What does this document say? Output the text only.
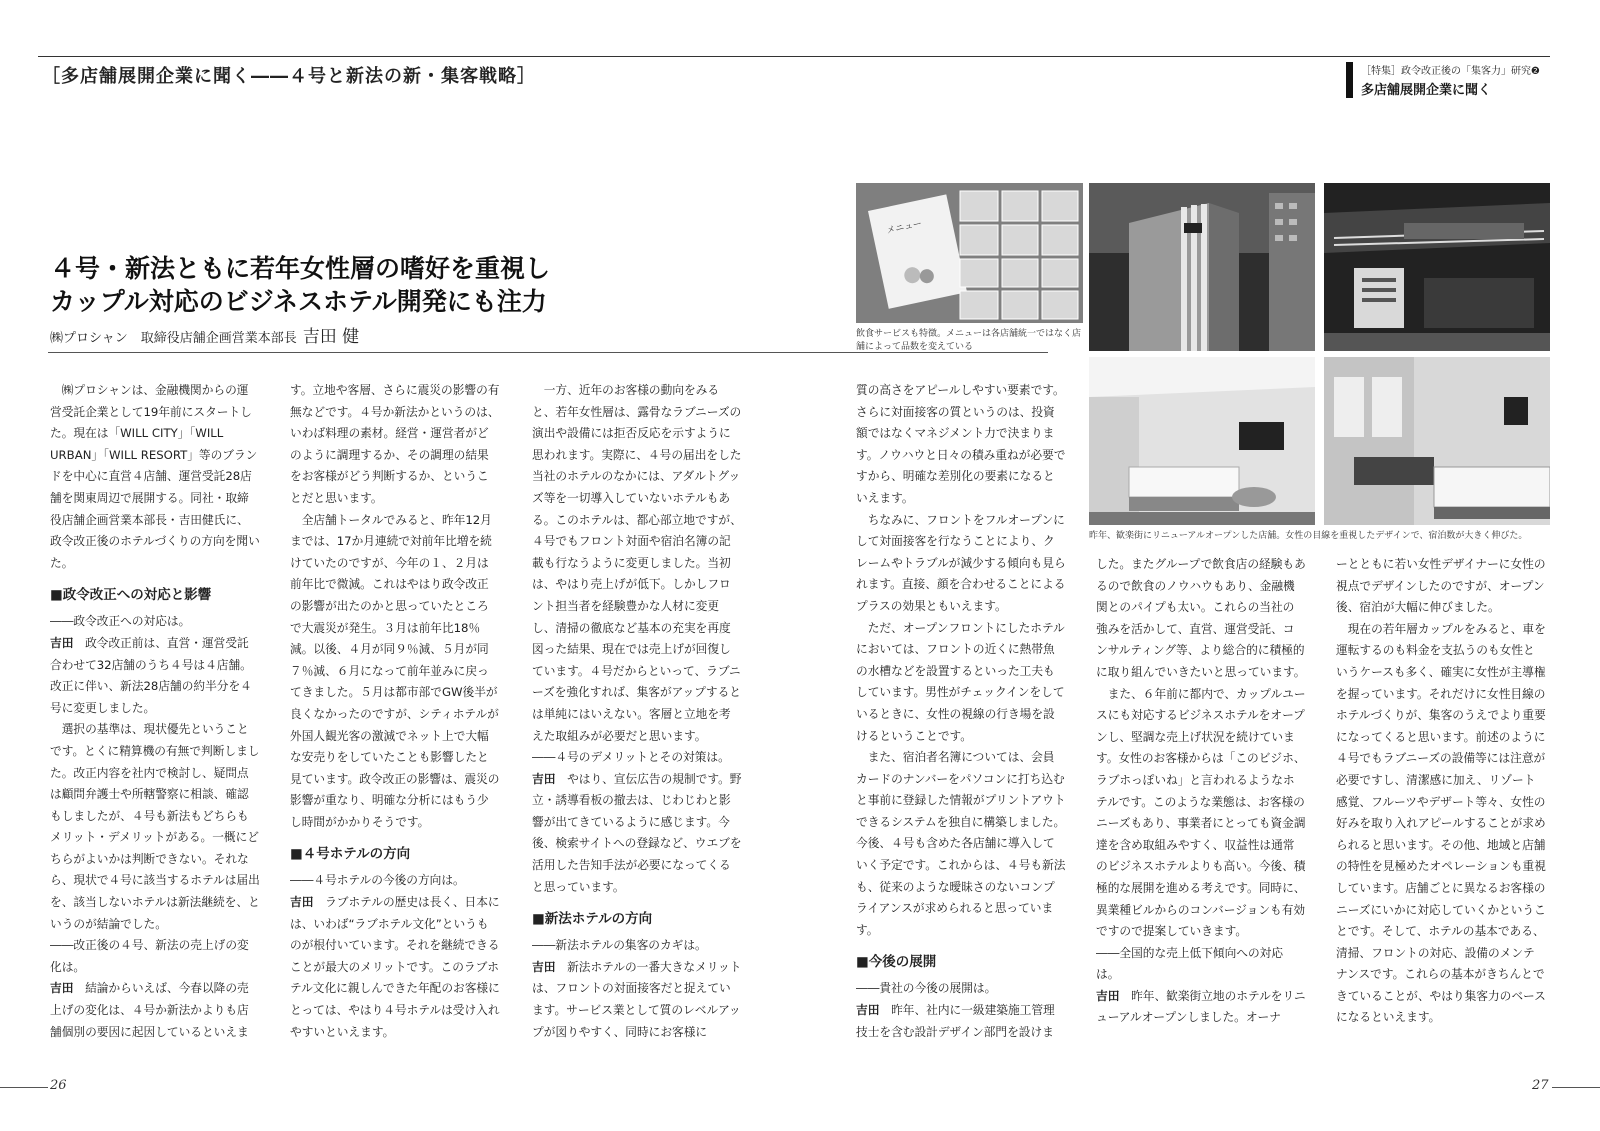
［多店舗展開企業に聞く――４号と新法の新・集客戦略］	［特集］政令改正後の「集客力」研究❷
多店舗展開企業に聞く
４号・新法ともに若年女性層の嗜好を重視し
カップル対応のビジネスホテル開発にも注力
㈱プロシャン　取締役店舗企画営業本部長 吉田 健
メニュー
飲食サービスも特徴。メニューは各店舗統一ではなく店舗によって品数を変えている
昨年、歓楽街にリニューアルオープンした店舗。女性の目線を重視したデザインで、宿泊数が大きく伸びた。

㈱プロシャンは、金融機関からの運営受託企業として19年前にスタートした。現在は「WILL CITY」「WILL URBAN」「WILL RESORT」等のブランドを中心に直営４店舗、運営受託28店舗を関東周辺で展開する。同社・取締役店舗企画営業本部長・吉田健氏に、政令改正後のホテルづくりの方向を聞いた。

■政令改正への対応と影響

――政令改正への対応は。

吉田　 政令改正前は、直営・運営受託合わせて32店舗のうち４号は４店舗。改正に伴い、新法28店舗の約半分を４号に変更しました。

選択の基準は、現状優先ということです。とくに精算機の有無で判断しました。改正内容を社内で検討し、疑問点は顧問弁護士や所轄警察に相談、確認もしましたが、４号も新法もどちらもメリット・デメリットがある。一概にどちらがよいかは判断できない。それなら、現状で４号に該当するホテルは届出を、該当しないホテルは新法継続を、というのが結論でした。

――改正後の４号、新法の売上げの変化は。

吉田　 結論からいえば、今春以降の売上げの変化は、４号か新法かよりも店舗個別の要因に起因しているといえま

す。立地や客層、さらに震災の影響の有無などです。４号か新法かというのは、いわば料理の素材。経営・運営者がどのように調理するか、その調理の結果をお客様がどう判断するか、ということだと思います。

全店舗トータルでみると、昨年12月までは、17か月連続で対前年比増を続けていたのですが、今年の１、２月は前年比で微減。これはやはり政令改正の影響が出たのかと思っていたところで大震災が発生。３月は前年比18％減。以後、４月が同９％減、５月が同７％減、６月になって前年並みに戻ってきました。５月は都市部でGW後半が良くなかったのですが、シティホテルが外国人観光客の激減でネット上で大幅な安売りをしていたことも影響したと見ています。政令改正の影響は、震災の影響が重なり、明確な分析にはもう少し時間がかかりそうです。

■４号ホテルの方向

――４号ホテルの今後の方向は。

吉田　 ラブホテルの歴史は長く、日本には、いわば“ラブホテル文化”というものが根付いています。それを継続できることが最大のメリットです。このラブホテル文化に親しんできた年配のお客様にとっては、やはり４号ホテルは受け入れやすいといえます。

一方、近年のお客様の動向をみると、若年女性層は、露骨なラブニーズの演出や設備には拒否反応を示すように思われます。実際に、４号の届出をした当社のホテルのなかには、アダルトグッズ等を一切導入していないホテルもある。このホテルは、都心部立地ですが、４号でもフロント対面や宿泊名簿の記載も行なうように変更しました。当初は、やはり売上げが低下。しかしフロント担当者を経験豊かな人材に変更し、清掃の徹底など基本の充実を再度図った結果、現在では売上げが回復しています。４号だからといって、ラブニーズを強化すれば、集客がアップするとは単純にはいえない。客層と立地を考えた取組みが必要だと思います。

――４号のデメリットとその対策は。

吉田　 やはり、宣伝広告の規制です。野立・誘導看板の撤去は、じわじわと影響が出てきているように感じます。今後、検索サイトへの登録など、ウエブを活用した告知手法が必要になってくると思っています。

■新法ホテルの方向

――新法ホテルの集客のカギは。

吉田　 新法ホテルの一番大きなメリットは、フロントの対面接客だと捉えています。サービス業として質のレベルアップが図りやすく、同時にお客様に

質の高さをアピールしやすい要素です。さらに対面接客の質というのは、投資額ではなくマネジメント力で決まります。ノウハウと日々の積み重ねが必要ですから、明確な差別化の要素になるといえます。

ちなみに、フロントをフルオープンにして対面接客を行なうことにより、クレームやトラブルが減少する傾向も見られます。直接、顔を合わせることによるプラスの効果ともいえます。

ただ、オープンフロントにしたホテルにおいては、フロントの近くに熱帯魚の水槽などを設置するといった工夫もしています。男性がチェックインをしているときに、女性の視線の行き場を設けるということです。

また、宿泊者名簿については、会員カードのナンバーをパソコンに打ち込むと事前に登録した情報がプリントアウトできるシステムを独自に構築しました。今後、４号も含めた各店舗に導入していく予定です。これからは、４号も新法も、従来のような曖昧さのないコンプライアンスが求められると思っています。

■今後の展開

――貴社の今後の展開は。

吉田　 昨年、社内に一級建築施工管理技士を含む設計デザイン部門を設けま

した。またグループで飲食店の経験もあるので飲食のノウハウもあり、金融機関とのパイプも太い。これらの当社の強みを活かして、直営、運営受託、コンサルティング等、より総合的に積極的に取り組んでいきたいと思っています。

また、６年前に都内で、カップルユースにも対応するビジネスホテルをオープンし、堅調な売上げ状況を続けています。女性のお客様からは「このビジホ、ラブホっぽいね」と言われるようなホテルです。このような業態は、お客様のニーズもあり、事業者にとっても資金調達を含め取組みやすく、収益性は通常のビジネスホテルよりも高い。今後、積極的な展開を進める考えです。同時に、異業種ビルからのコンバージョンも有効ですので提案していきます。

――全国的な売上低下傾向への対応は。

吉田　 昨年、歓楽街立地のホテルをリニューアルオープンしました。オーナ

ーとともに若い女性デザイナーに女性の視点でデザインしたのですが、オープン後、宿泊が大幅に伸びました。

現在の若年層カップルをみると、車を運転するのも料金を支払うのも女性というケースも多く、確実に女性が主導権を握っています。それだけに女性目線のホテルづくりが、集客のうえでより重要になってくると思います。前述のように４号でもラブニーズの設備等には注意が必要ですし、清潔感に加え、リゾート感覚、フルーツやデザート等々、女性の好みを取り入れアピールすることが求められると思います。その他、地域と店舗の特性を見極めたオペレーションも重視しています。店舗ごとに異なるお客様のニーズにいかに対応していくかということです。そして、ホテルの基本である、清掃、フロントの対応、設備のメンテナンスです。これらの基本がきちんとできていることが、やはり集客力のベースになるといえます。

26	27
